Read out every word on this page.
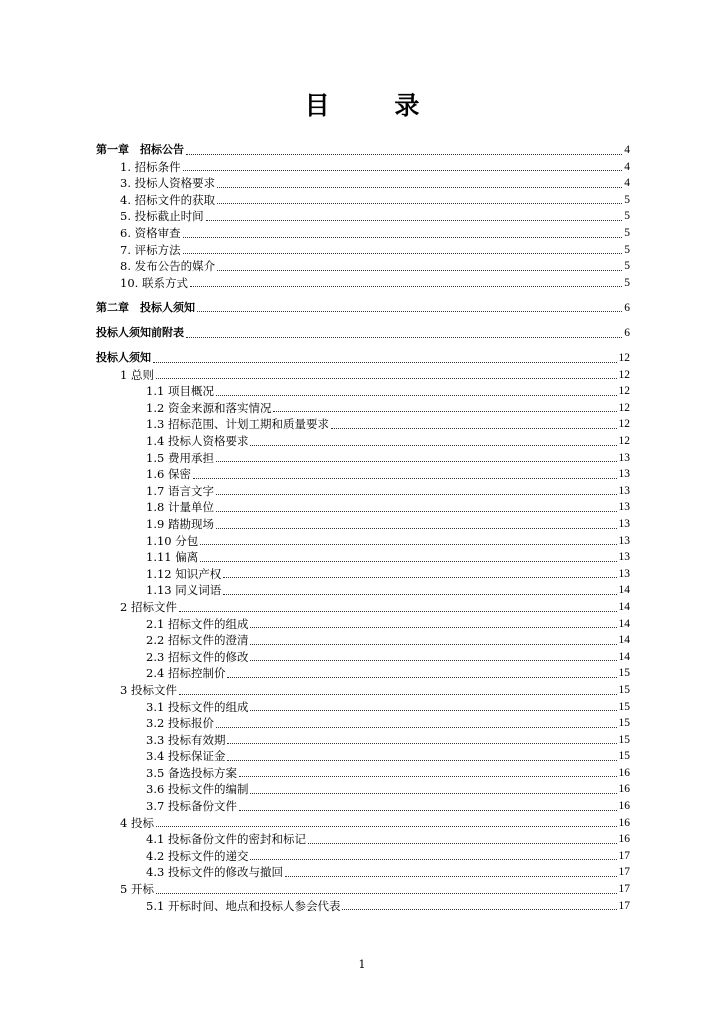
目 录
第一章　招标公告	4
1. 招标条件	4
3. 投标人资格要求	4
4. 招标文件的获取	5
5. 投标截止时间	5
6. 资格审查	5
7. 评标方法	5
8. 发布公告的媒介	5
10. 联系方式	5
第二章　投标人须知	6
投标人须知前附表	6
投标人须知	12
1 总则	12
1.1 项目概况	12
1.2 资金来源和落实情况	12
1.3 招标范围、计划工期和质量要求	12
1.4 投标人资格要求	12
1.5 费用承担	13
1.6 保密	13
1.7 语言文字	13
1.8 计量单位	13
1.9 踏勘现场	13
1.10 分包	13
1.11 偏离	13
1.12 知识产权	13
1.13 同义词语	14
2 招标文件	14
2.1 招标文件的组成	14
2.2 招标文件的澄清	14
2.3 招标文件的修改	14
2.4 招标控制价	15
3 投标文件	15
3.1 投标文件的组成	15
3.2 投标报价	15
3.3 投标有效期	15
3.4 投标保证金	15
3.5 备选投标方案	16
3.6 投标文件的编制	16
3.7 投标备份文件	16
4 投标	16
4.1 投标备份文件的密封和标记	16
4.2 投标文件的递交	17
4.3 投标文件的修改与撤回	17
5 开标	17
5.1 开标时间、地点和投标人参会代表	17
1
